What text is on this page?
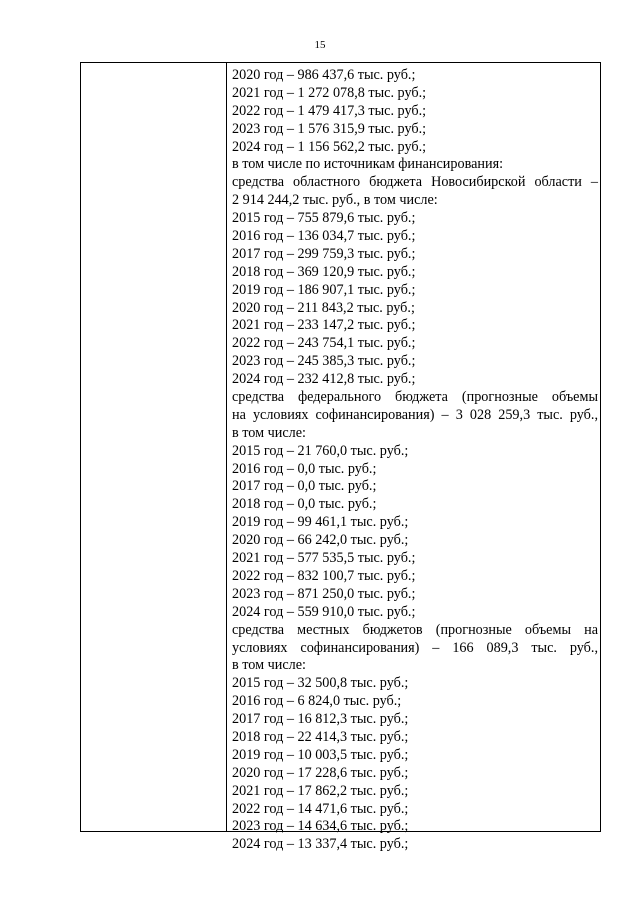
15
2020 год – 986 437,6 тыс. руб.;
2021 год – 1 272 078,8 тыс. руб.;
2022 год – 1 479 417,3 тыс. руб.;
2023 год – 1 576 315,9 тыс. руб.;
2024 год – 1 156 562,2 тыс. руб.;
в том числе по источникам финансирования:
средства областного бюджета Новосибирской области –
2 914 244,2 тыс. руб., в том числе:
2015 год – 755 879,6 тыс. руб.;
2016 год – 136 034,7 тыс. руб.;
2017 год – 299 759,3 тыс. руб.;
2018 год – 369 120,9 тыс. руб.;
2019 год – 186 907,1 тыс. руб.;
2020 год – 211 843,2 тыс. руб.;
2021 год – 233 147,2 тыс. руб.;
2022 год – 243 754,1 тыс. руб.;
2023 год – 245 385,3 тыс. руб.;
2024 год – 232 412,8 тыс. руб.;
средства федерального бюджета (прогнозные объемы
на условиях софинансирования) – 3 028 259,3 тыс. руб.,
в том числе:
2015 год – 21 760,0 тыс. руб.;
2016 год – 0,0 тыс. руб.;
2017 год – 0,0 тыс. руб.;
2018 год – 0,0 тыс. руб.;
2019 год – 99 461,1 тыс. руб.;
2020 год – 66 242,0 тыс. руб.;
2021 год – 577 535,5 тыс. руб.;
2022 год – 832 100,7 тыс. руб.;
2023 год – 871 250,0 тыс. руб.;
2024 год – 559 910,0 тыс. руб.;
средства местных бюджетов (прогнозные объемы на
условиях софинансирования) – 166 089,3 тыс. руб.,
в том числе:
2015 год – 32 500,8 тыс. руб.;
2016 год – 6 824,0 тыс. руб.;
2017 год – 16 812,3 тыс. руб.;
2018 год – 22 414,3 тыс. руб.;
2019 год – 10 003,5 тыс. руб.;
2020 год – 17 228,6 тыс. руб.;
2021 год – 17 862,2 тыс. руб.;
2022 год – 14 471,6 тыс. руб.;
2023 год – 14 634,6 тыс. руб.;
2024 год – 13 337,4 тыс. руб.;
